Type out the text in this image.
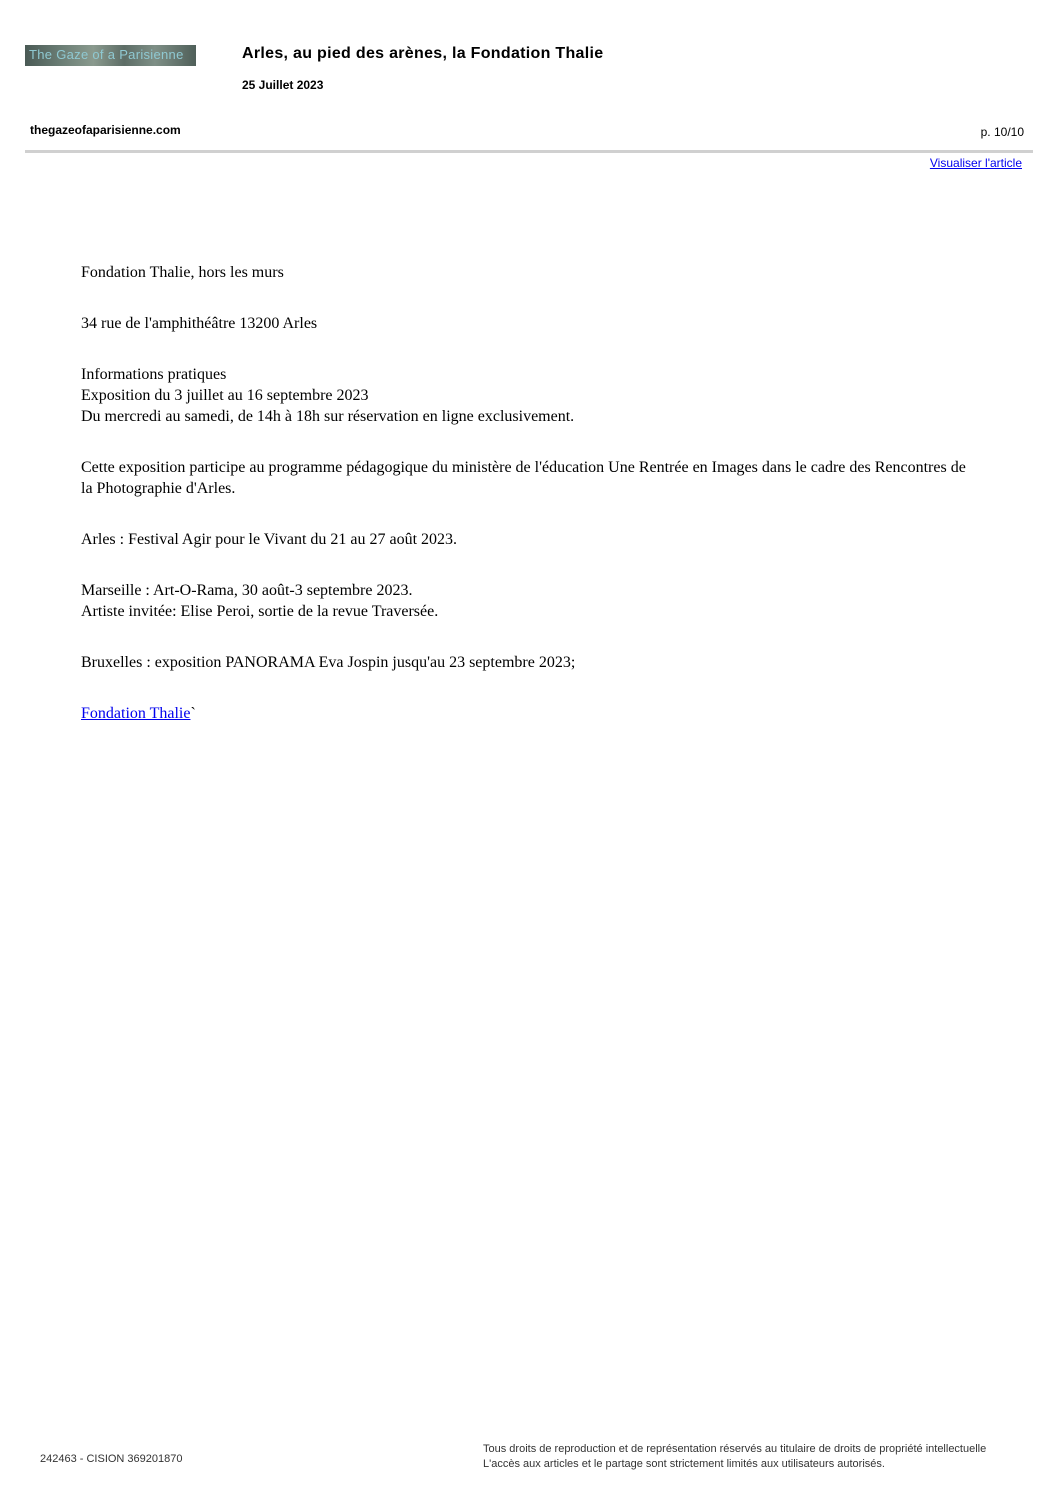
The Gaze of a Parisienne	Arles, au pied des arènes, la Fondation Thalie
25 Juillet 2023
thegazeofaparisienne.com	p. 10/10
Visualiser l'article

Fondation Thalie, hors les murs

34 rue de l'amphithéâtre 13200 Arles

Informations pratiques

Exposition du 3 juillet au 16 septembre 2023

Du mercredi au samedi, de 14h à 18h sur réservation en ligne exclusivement.

Cette exposition participe au programme pédagogique du ministère de l'éducation Une Rentrée en Images dans le cadre des Rencontres de la Photographie d'Arles.

Arles : Festival Agir pour le Vivant du 21 au 27 août 2023.

Marseille : Art-O-Rama, 30 août-3 septembre 2023.

Artiste invitée: Elise Peroi, sortie de la revue Traversée.

Bruxelles : exposition PANORAMA Eva Jospin jusqu'au 23 septembre 2023;

Fondation Thalie`

242463 - CISION 369201870
Tous droits de reproduction et de représentation réservés au titulaire de droits de propriété intellectuelle
L'accès aux articles et le partage sont strictement limités aux utilisateurs autorisés.
